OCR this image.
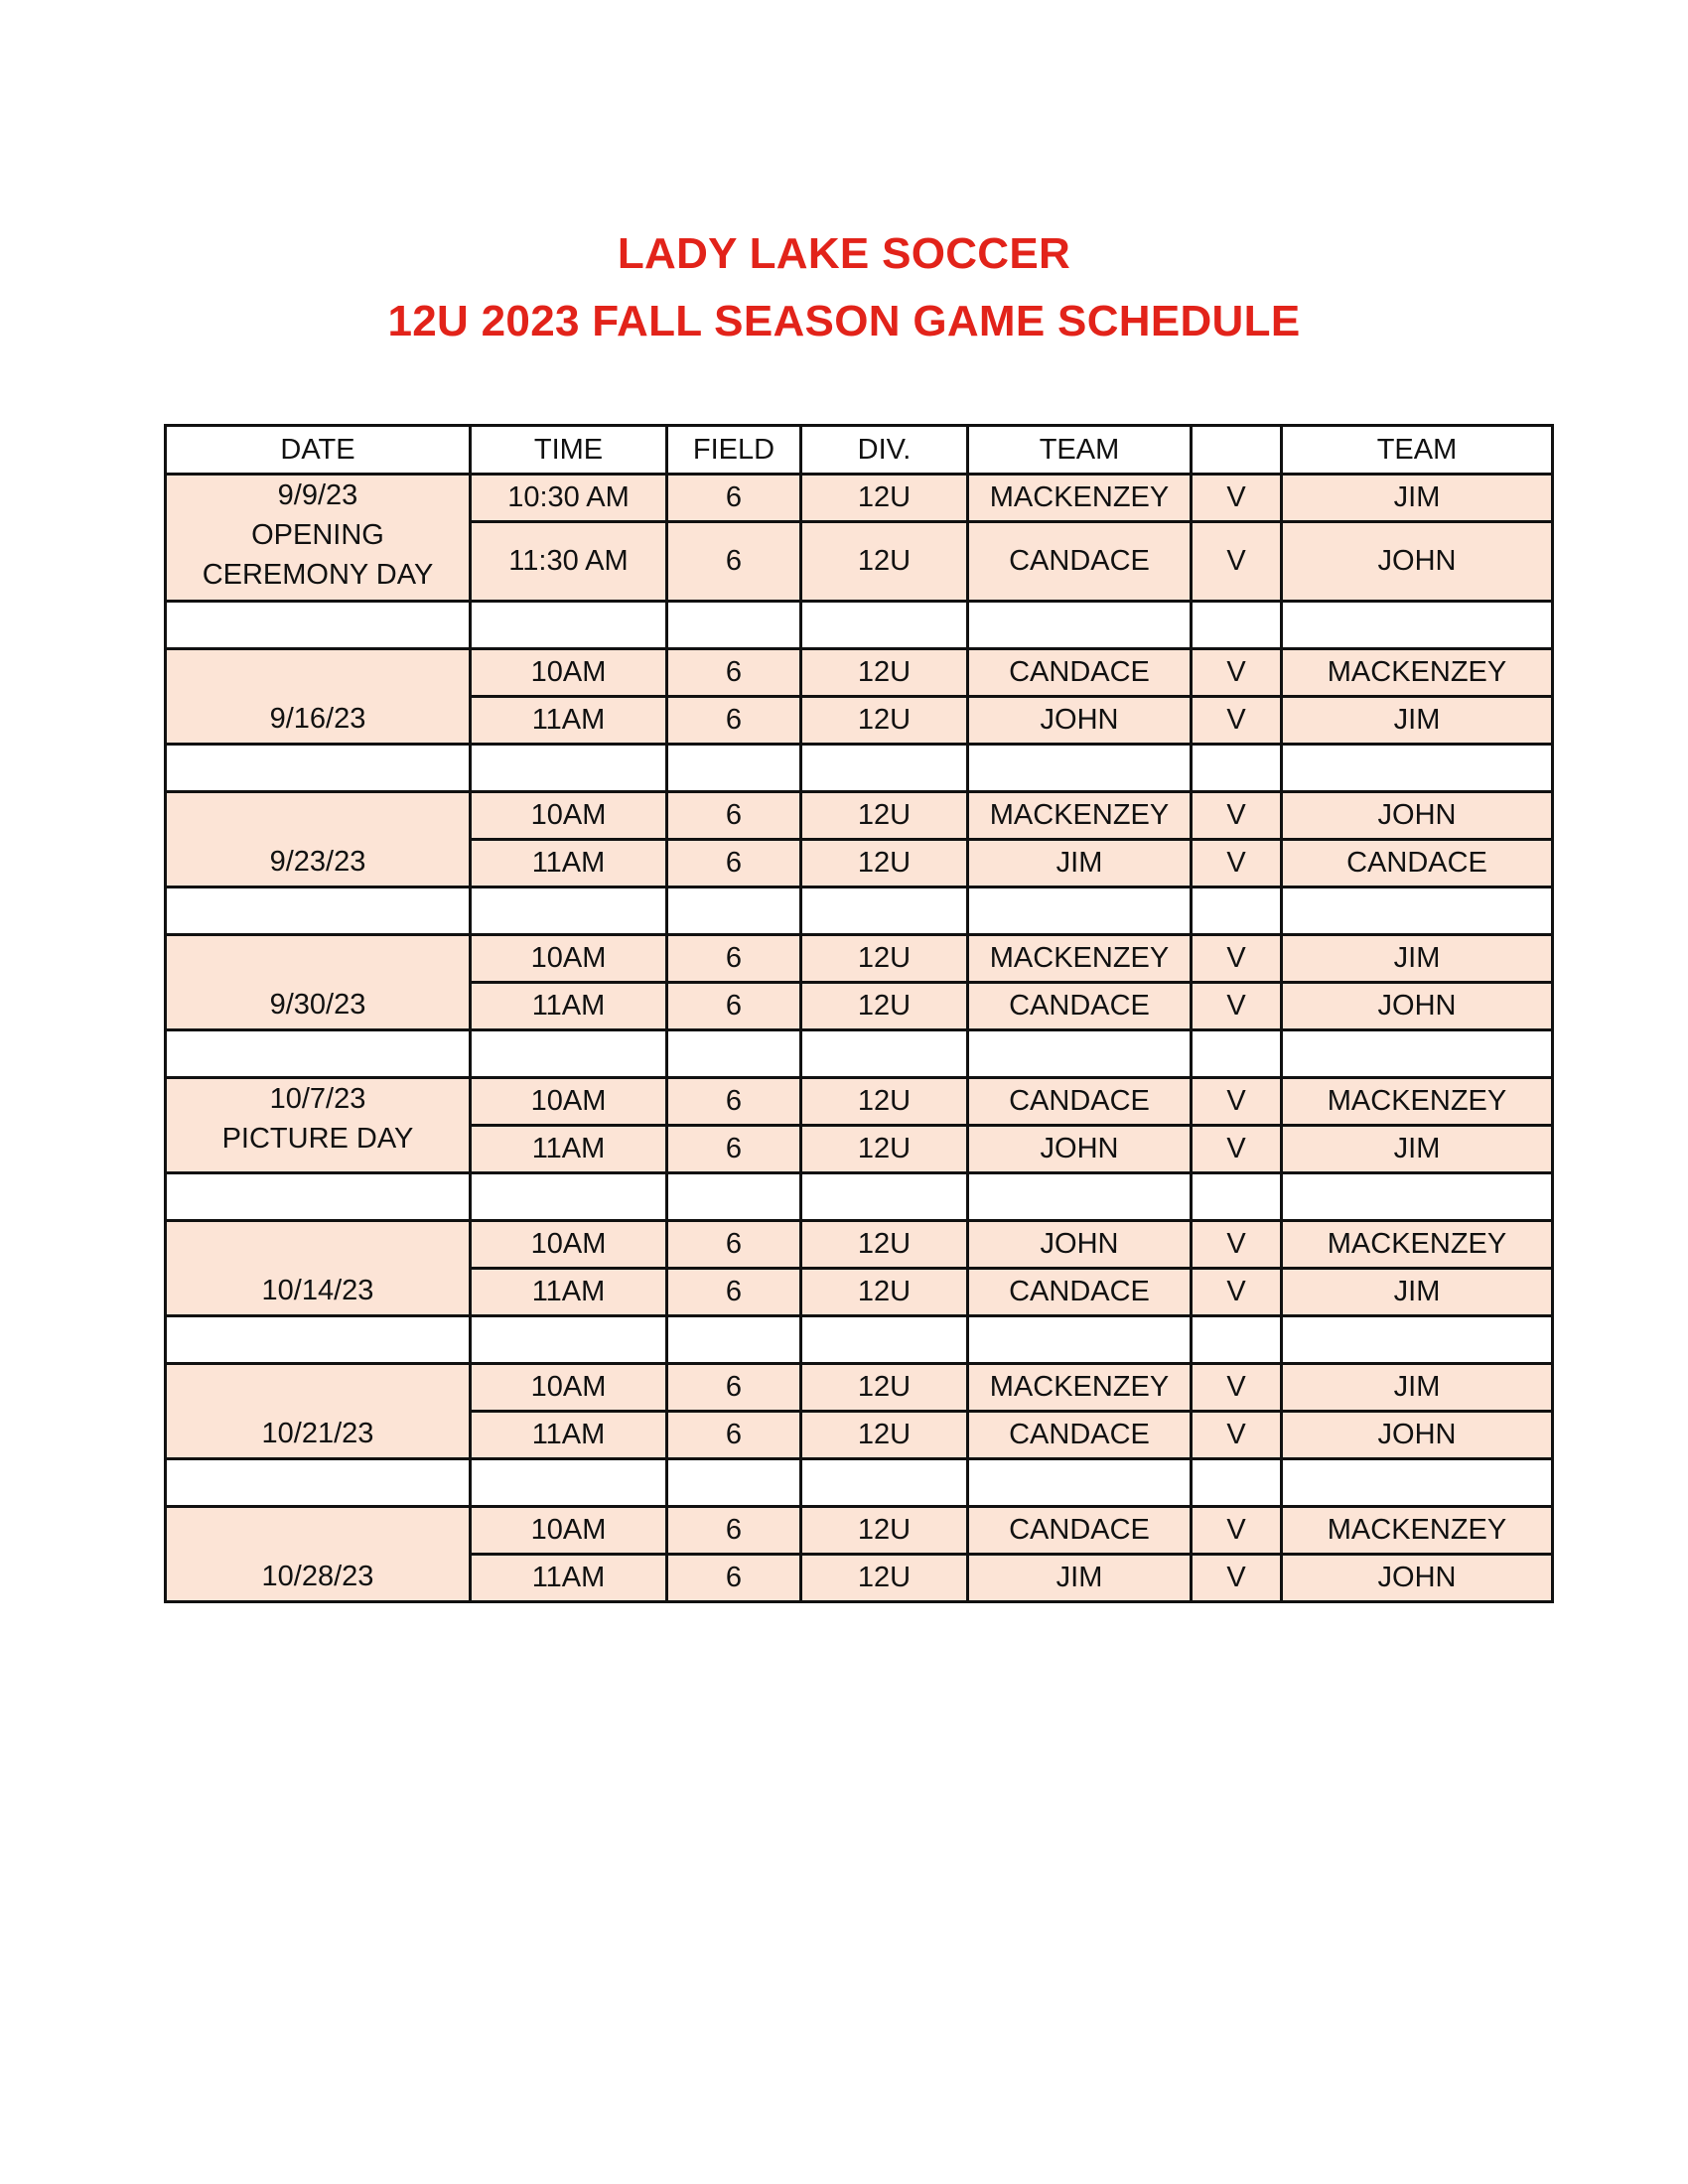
LADY LAKE SOCCER
12U 2023 FALL SEASON GAME SCHEDULE
DATE	TIME	FIELD	DIV.	TEAM		TEAM

9/9/23
OPENING
CEREMONY DAY	10:30 AM	6	12U	MACKENZEY	V	JIM
	11:30 AM	6	12U	CANDACE	V	JOHN

9/16/23	10AM	6	12U	CANDACE	V	MACKENZEY
	11AM	6	12U	JOHN	V	JIM

9/23/23	10AM	6	12U	MACKENZEY	V	JOHN
	11AM	6	12U	JIM	V	CANDACE

9/30/23	10AM	6	12U	MACKENZEY	V	JIM
	11AM	6	12U	CANDACE	V	JOHN

10/7/23
PICTURE DAY	10AM	6	12U	CANDACE	V	MACKENZEY
	11AM	6	12U	JOHN	V	JIM

10/14/23	10AM	6	12U	JOHN	V	MACKENZEY
	11AM	6	12U	CANDACE	V	JIM

10/21/23	10AM	6	12U	MACKENZEY	V	JIM
	11AM	6	12U	CANDACE	V	JOHN

10/28/23	10AM	6	12U	CANDACE	V	MACKENZEY
	11AM	6	12U	JIM	V	JOHN
